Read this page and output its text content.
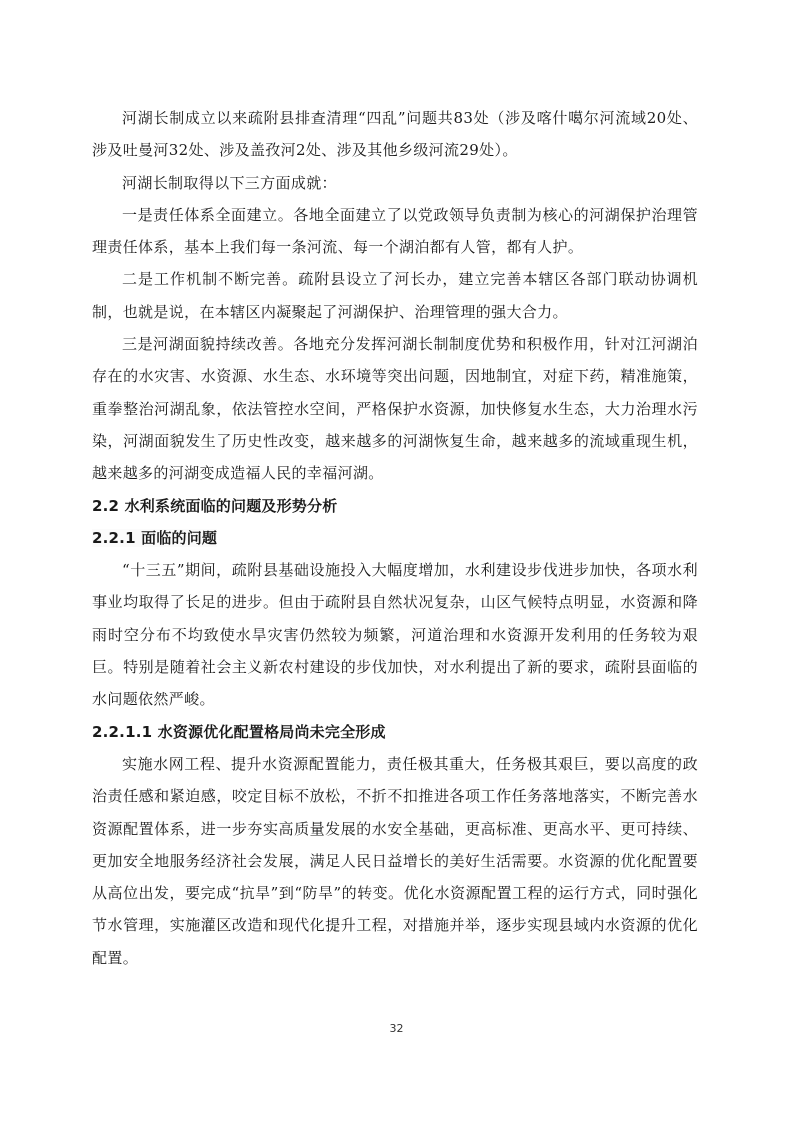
河湖长制成立以来疏附县排查清理“四乱”问题共83处（涉及喀什噶尔河流域20处、涉及吐曼河32处、涉及盖孜河2处、涉及其他乡级河流29处）。

河湖长制取得以下三方面成就：

一是责任体系全面建立。各地全面建立了以党政领导负责制为核心的河湖保护治理管理责任体系，基本上我们每一条河流、每一个湖泊都有人管，都有人护。

二是工作机制不断完善。疏附县设立了河长办，建立完善本辖区各部门联动协调机制，也就是说，在本辖区内凝聚起了河湖保护、治理管理的强大合力。

三是河湖面貌持续改善。各地充分发挥河湖长制制度优势和积极作用，针对江河湖泊存在的水灾害、水资源、水生态、水环境等突出问题，因地制宜，对症下药，精准施策，重拳整治河湖乱象，依法管控水空间，严格保护水资源，加快修复水生态，大力治理水污染，河湖面貌发生了历史性改变，越来越多的河湖恢复生命，越来越多的流域重现生机，越来越多的河湖变成造福人民的幸福河湖。

2.2 水利系统面临的问题及形势分析
2.2.1 面临的问题

“十三五”期间，疏附县基础设施投入大幅度增加，水利建设步伐进步加快，各项水利事业均取得了长足的进步。但由于疏附县自然状况复杂，山区气候特点明显，水资源和降雨时空分布不均致使水旱灾害仍然较为频繁，河道治理和水资源开发利用的任务较为艰巨。特别是随着社会主义新农村建设的步伐加快，对水利提出了新的要求，疏附县面临的水问题依然严峻。

2.2.1.1 水资源优化配置格局尚未完全形成

实施水网工程、提升水资源配置能力，责任极其重大，任务极其艰巨，要以高度的政治责任感和紧迫感，咬定目标不放松，不折不扣推进各项工作任务落地落实，不断完善水资源配置体系，进一步夯实高质量发展的水安全基础，更高标准、更高水平、更可持续、更加安全地服务经济社会发展，满足人民日益增长的美好生活需要。水资源的优化配置要从高位出发，要完成“抗旱”到“防旱”的转变。优化水资源配置工程的运行方式，同时强化节水管理，实施灌区改造和现代化提升工程，对措施并举，逐步实现县域内水资源的优化配置。

32
